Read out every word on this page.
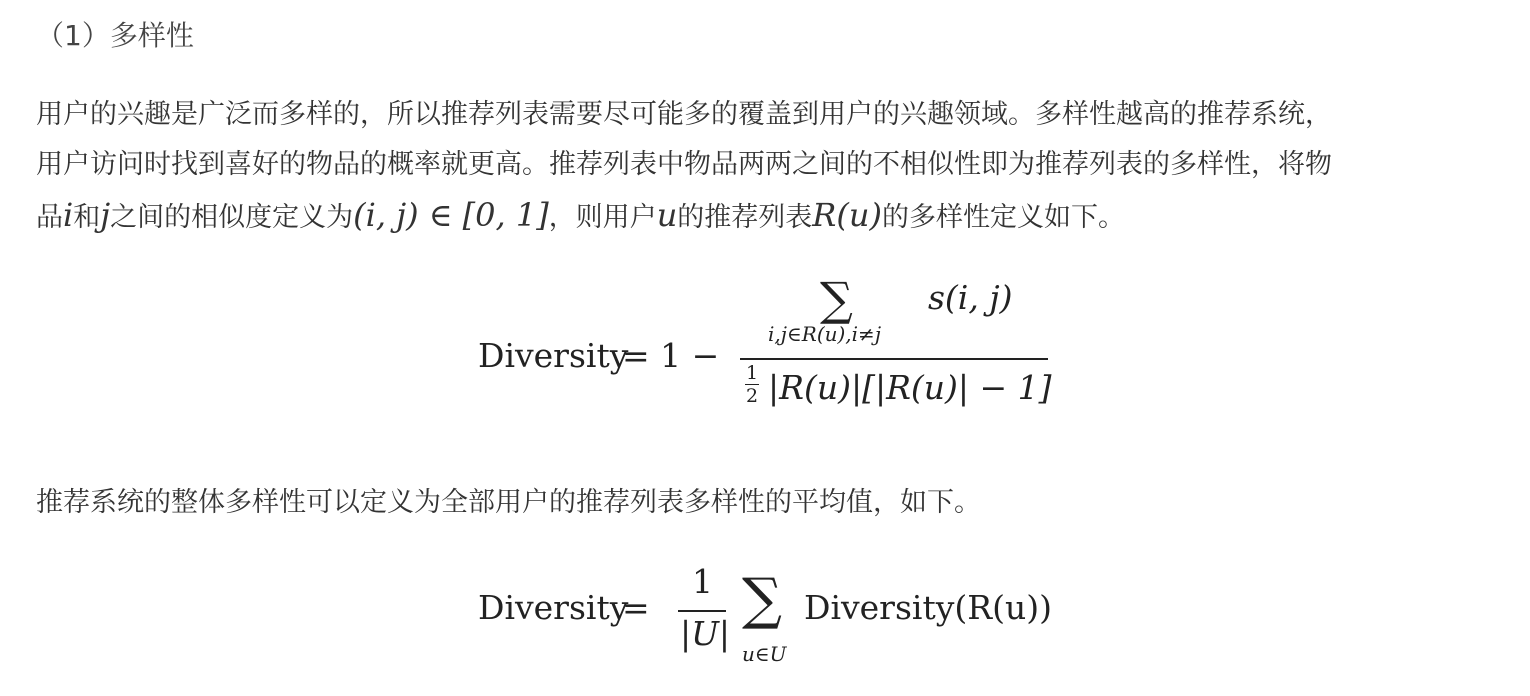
（1）多样性
用户的兴趣是广泛而多样的，所以推荐列表需要尽可能多的覆盖到用户的兴趣领域。多样性越高的推荐系统，
用户访问时找到喜好的物品的概率就更高。推荐列表中物品两两之间的不相似性即为推荐列表的多样性，将物
品i和j之间的相似度定义为(i, j) ∈ [0, 1]，则用户u的推荐列表R(u)的多样性定义如下。
Diversity
= 1 −
∑
i,j∈R(u),i≠j
s(i, j)
1
2 |R(u)|[|R(u)| − 1]
推荐系统的整体多样性可以定义为全部用户的推荐列表多样性的平均值，如下。
Diversity
=
1
|U|
∑
u∈U
Diversity(R(u))
